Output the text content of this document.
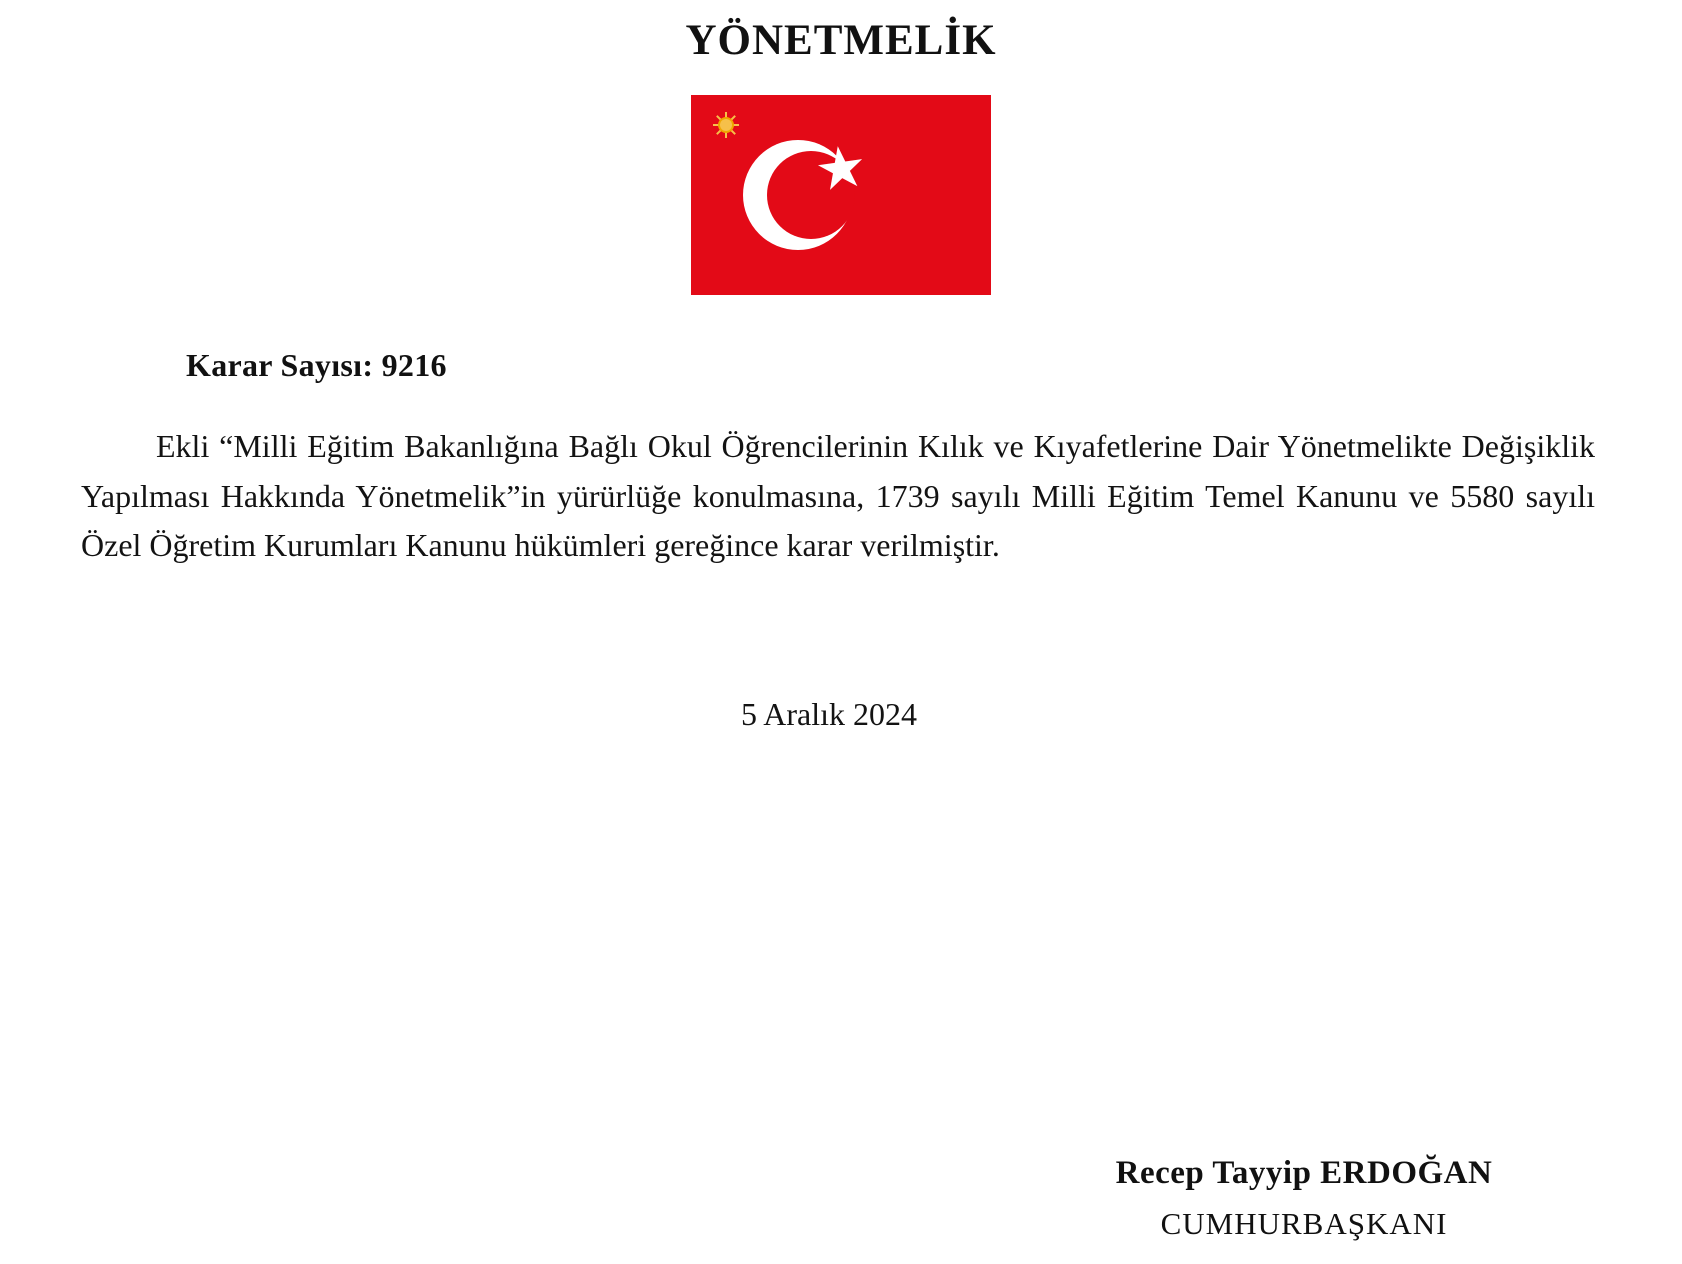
YÖNETMELİK
Karar Sayısı: 9216

Ekli “Milli Eğitim Bakanlığına Bağlı Okul Öğrencilerinin Kılık ve Kıyafetlerine Dair Yönetmelikte Değişiklik Yapılması Hakkında Yönetmelik”in yürürlüğe konulmasına, 1739 sayılı Milli Eğitim Temel Kanunu ve 5580 sayılı Özel Öğretim Kurumları Kanunu hükümleri gereğince karar verilmiştir.

5 Aralık 2024
Recep Tayyip ERDOĞAN
CUMHURBAŞKANI
